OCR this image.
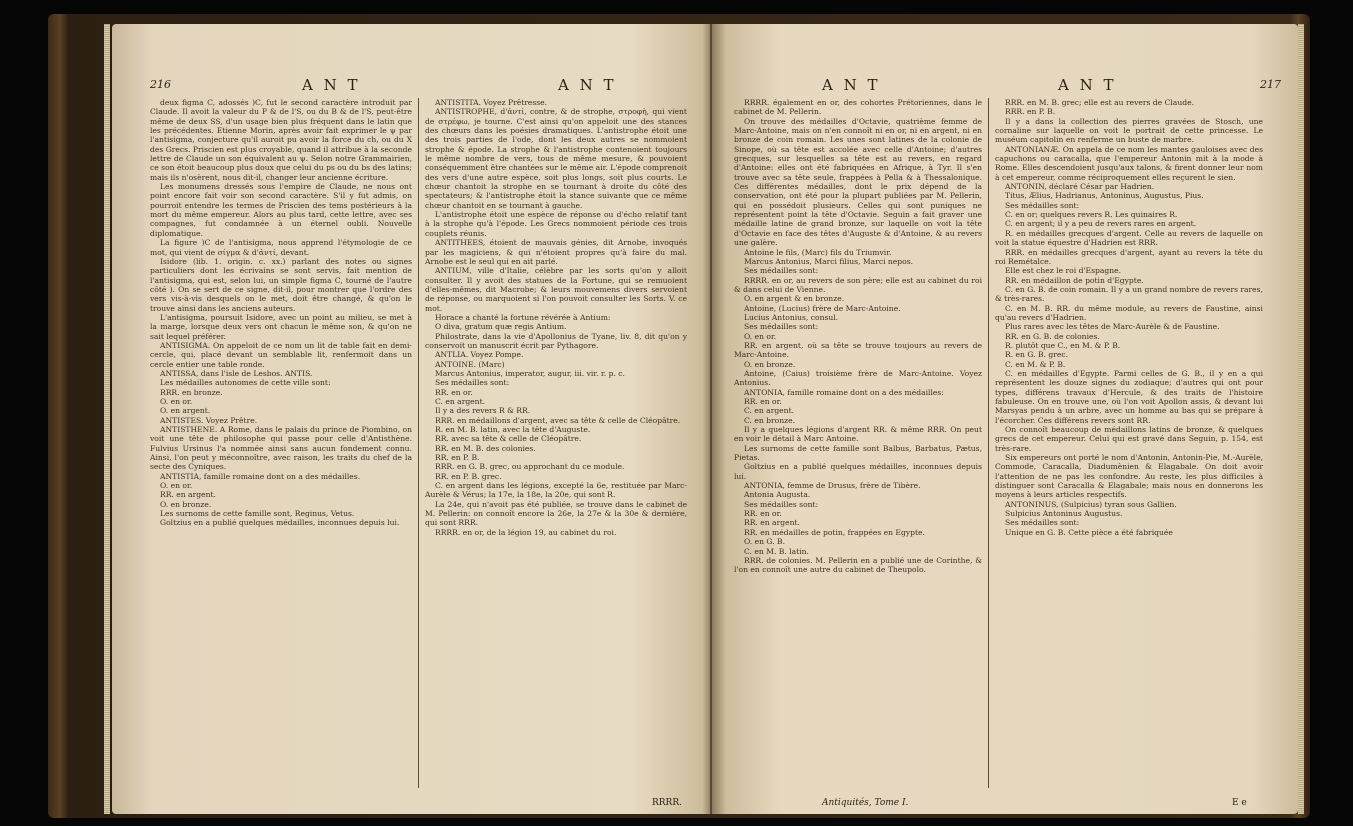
216	A N T	A N T

deux figma C, adossés )C, fut le second caractère introduit par Claude. Il avoit la valeur du P & de l'S, ou du B & de l'S, peut-être même de deux SS, d'un usage bien plus fréquent dans le latin que les précédentes. Etienne Morin, après avoir fait exprimer le ψ par l'antisigma, conjecture qu'il auroit pu avoir la force du ch, ou du X des Grecs. Priscien est plus croyable, quand il attribue à la seconde lettre de Claude un son équivalent au ψ. Selon notre Grammairien, ce son étoit beaucoup plus doux que celui du ps ou du bs des latins; mais ils n'osèrent, nous dit-il, changer leur ancienne écriture.

Les monumens dressés sous l'empire de Claude, ne nous ont point encore fait voir son second caractère. S'il y fut admis, on pourroit entendre les termes de Priscien des tems postérieurs à la mort du même empereur. Alors au plus tard, cette lettre, avec ses compagnes, fut condamnée à un éternel oubli. Nouvelle diplomatique.

La figure )C de l'antisigma, nous apprend l'étymologie de ce mot, qui vient de σίγμα & d'ἀντί, devant.

Isidore (lib. 1. origin. c. xx.) parlant des notes ou signes particuliers dont les écrivains se sont servis, fait mention de l'antisigma, qui est, selon lui, un simple figma C, tourné de l'autre côté ). On se sert de ce signe, dit-il, pour montrer que l'ordre des vers vis-à-vis desquels on le met, doit être changé, & qu'on le trouve ainsi dans les anciens auteurs.

L'antisigma, poursuit Isidore, avec un point au milieu, se met à la marge, lorsque deux vers ont chacun le même son, & qu'on ne sait lequel préférer.

ANTISIGMA. On appeloit de ce nom un lit de table fait en demi-cercle, qui, placé devant un semblable lit, renfermoit dans un cercle entier une table ronde.

ANTISSA, dans l'isle de Lesbos. ANTIS.

Les médailles autonomes de cette ville sont:

RRR. en bronze.

O. en or.

O. en argent.

ANTISTES. Voyez Prêtre.

ANTISTHENE. A Rome, dans le palais du prince de Piombino, on voit une tête de philosophe qui passe pour celle d'Antisthène. Fulvius Ursinus l'a nommée ainsi sans aucun fondement connu. Ainsi, l'on peut y méconnoître, avec raison, les traits du chef de la secte des Cyniques.

ANTISTIA, famille romaine dont on a des médailles.

O. en or.

RR. en argent.

O. en bronze.

Les surnoms de cette famille sont, Reginus, Vetus.

Goltzius en a publié quelques médailles, inconnues depuis lui.

ANTISTITA. Voyez Prêtresse.

ANTISTROPHE, d'ἀντί, contre, & de strophe, στροφὴ, qui vient de στρέφω, je tourne. C'est ainsi qu'on appeloit une des stances des chœurs dans les poésies dramatiques. L'antistrophe étoit une des trois parties de l'ode, dont les deux autres se nommoient strophe & épode. La strophe & l'antistrophe contenoient toujours le même nombre de vers, tous de même mesure, & pouvoient conséquemment être chantées sur le même air. L'épode comprenoit des vers d'une autre espèce, soit plus longs, soit plus courts. Le chœur chantoit la strophe en se tournant à droite du côté des spectateurs; & l'antistrophe étoit la stance suivante que ce même chœur chantoit en se tournant à gauche.

L'antistrophe étoit une espèce de réponse ou d'écho relatif tant à la strophe qu'à l'épode. Les Grecs nommoient période ces trois couplets réunis.

ANTITHEES, étoient de mauvais génies, dit Arnobe, invoqués par les magiciens, & qui n'étoient propres qu'à faire du mal. Arnobe est le seul qui en ait parlé.

ANTIUM, ville d'Italie, célèbre par les sorts qu'on y alloit consulter. Il y avoit des statues de la Fortune, qui se remuoient d'elles-mêmes, dit Macrobe; & leurs mouvemens divers servoient de réponse, ou marquoient si l'on pouvoit consulter les Sorts. V. ce mot.

Horace a chanté la fortune révérée à Antium:

O diva, gratum quæ regis Antium.

Philostrate, dans la vie d'Apollonius de Tyane, liv. 8, dit qu'on y conservoit un manuscrit écrit par Pythagore.

ANTLIA. Voyez Pompe.

ANTOINE. (Marc)

Marcus Antonius, imperator, augur, iii. vir. r. p. c.

Ses médailles sont:

RR. en or.

C. en argent.

Il y a des revers R & RR.

RRR. en médaillons d'argent, avec sa tête & celle de Cléopâtre.

R. en M. B. latin, avec la tête d'Auguste.

RR. avec sa tête & celle de Cléopâtre.

RR. en M. B. des colonies.

RR. en P. B.

RRR. en G. B. grec, ou approchant du ce module.

RR. en P. B. grec.

C. en argent dans les légions, excepté la 6e, restituée par Marc-Aurèle & Vérus; la 17e, la 18e, la 20e, qui sont R.

La 24e, qui n'avoit pas été publiée, se trouve dans le cabinet de M. Pellerin: on connoît encore la 26e, la 27e & la 30e & dernière, qui sont RRR.

RRRR. en or, de la légion 19, au cabinet du roi.

RRRR.
A N T	A N T	217

RRRR. également en or, des cohortes Prétoriennes, dans le cabinet de M. Pellerin.

On trouve des médailles d'Octavie, quatrième femme de Marc-Antoine, mais on n'en connoît ni en or, ni en argent, ni en bronze de coin romain. Les unes sont latines de la colonie de Sinope, où sa tête est accolée avec celle d'Antoine; d'autres grecques, sur lesquelles sa tête est au revers, en regard d'Antoine: elles ont été fabriquées en Afrique, à Tyr. Il s'en trouve avec sa tête seule, frappées à Pella & à Thessalonique. Ces différentes médailles, dont le prix dépend de la conservation, ont été pour la plupart publiées par M. Pellerin, qui en possédoit plusieurs. Celles qui sont puniques ne représentent point la tête d'Octavie. Seguin a fait graver une médaille latine de grand bronze, sur laquelle on voit la tête d'Octavie en face des têtes d'Auguste & d'Antoine, & au revers une galère.

Antoine le fils, (Marc) fils du Triumvir.

Marcus Antonius, Marci filius, Marci nepos.

Ses médailles sont:

RRRR. en or, au revers de son père; elle est au cabinet du roi & dans celui de Vienne.

O. en argent & en bronze.

Antoine, (Lucius) frère de Marc-Antoine.

Lucius Antonius, consul.

Ses médailles sont:

O. en or.

RR. en argent, où sa tête se trouve toujours au revers de Marc-Antoine.

O. en bronze.

Antoine, (Caius) troisième frère de Marc-Antoine. Voyez Antonius.

ANTONIA, famille romaine dont on a des médailles:

RR. en or.

C. en argent.

C. en bronze.

Il y a quelques légions d'argent RR. & même RRR. On peut en voir le détail à Marc Antoine.

Les surnoms de cette famille sont Balbus, Barbatus, Pætus, Pietas.

Goltzius en a publié quelques médailles, inconnues depuis lui.

ANTONIA, femme de Drusus, frère de Tibère.

Antonia Augusta.

Ses médailles sont:

RR. en or.

RR. en argent.

RR. en médailles de potin, frappées en Egypte.

O. en G. B.

C. en M. B. latin.

RRR. de colonies. M. Pellerin en a publié une de Corinthe, & l'on en connoît une autre du cabinet de Theupolo.

RRR. en M. B. grec; elle est au revers de Claude.

RRR. en P. B.

Il y a dans la collection des pierres gravées de Stosch, une cornaline sur laquelle on voit le portrait de cette princesse. Le muséum capitolin en renferme un buste de marbre.

ANTONIANÆ. On appela de ce nom les mantes gauloises avec des capuchons ou caracalla, que l'empereur Antonin mit à la mode à Rome. Elles descendoient jusqu'aux talons, & firent donner leur nom à cet empereur, comme réciproquement elles reçurent le sien.

ANTONIN, déclaré César par Hadrien.

Titus, Ælius, Hadrianus, Antoninus, Augustus, Pius.

Ses médailles sont:

C. en or; quelques revers R. Les quinaires R.

C. en argent; il y a peu de revers rares en argent.

R. en médailles grecques d'argent. Celle au revers de laquelle on voit la statue équestre d'Hadrien est RRR.

RRR. en médailles grecques d'argent, ayant au revers la tête du roi Remétalce.

Elle est chez le roi d'Espagne.

RR. en médaillon de potin d'Egypte.

C. en G. B. de coin romain. Il y a un grand nombre de revers rares, & très-rares.

C. en M. B. RR. du même module, au revers de Faustine, ainsi qu'au revers d'Hadrien.

Plus rares avec les têtes de Marc-Aurèle & de Faustine.

RR. en G. B. de colonies.

R. plutôt que C., en M. & P. B.

R. en G. B. grec.

C. en M. & P. B.

C. en médailles d'Egypte. Parmi celles de G. B., il y en a qui représentent les douze signes du zodiaque; d'autres qui ont pour types, différens travaux d'Hercule, & des traits de l'histoire fabuleuse. On en trouve une, où l'on voit Apollon assis, & devant lui Marsyas pendu à un arbre, avec un homme au bas qui se prépare à l'écorcher. Ces différens revers sont RR.

On connoît beaucoup de médaillons latins de bronze, & quelques grecs de cet empereur. Celui qui est gravé dans Seguin, p. 154, est très-rare.

Six empereurs ont porté le nom d'Antonin, Antonin-Pie, M.-Aurèle, Commode, Caracalla, Diadumènien & Elagabale. On doit avoir l'attention de ne pas les confondre. Au reste, les plus difficiles à distinguer sont Caracalla & Elagabale; mais nous en donnerons les moyens à leurs articles respectifs.

ANTONINUS, (Sulpicius) tyran sous Gallien.

Sulpicius Antoninus Augustus.

Ses médailles sont:

Unique en G. B. Cette pièce a été fabriquée

Antiquités, Tome I.	E e
